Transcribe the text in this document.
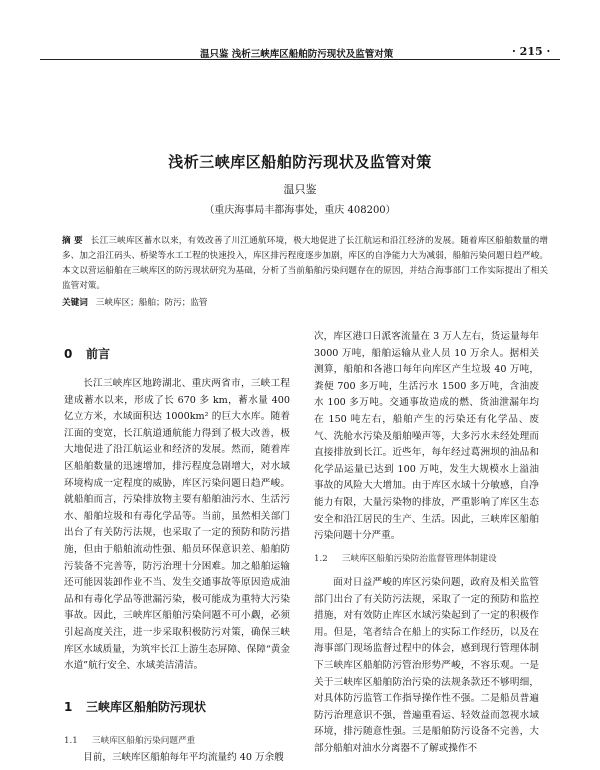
温只鉴 浅析三峡库区船舶防污现状及监管对策	· 215 ·
浅析三峡库区船舶防污现状及监管对策
温只鉴
（重庆海事局丰都海事处，重庆 408200）
摘 要 长江三峡库区蓄水以来，有效改善了川江通航环境，极大地促进了长江航运和沿江经济的发展。随着库区船舶数量的增多、加之沿江码头、桥梁等水工工程的快速投入，库区排污程度逐步加剧，库区的自净能力大为减弱，船舶污染问题日趋严峻。本文以营运船舶在三峡库区的防污现状研究为基础，分析了当前船舶污染问题存在的原因，并结合海事部门工作实际提出了相关监管对策。
关键词 三峡库区；船舶；防污；监管
0 前言

长江三峡库区地跨湖北、重庆两省市，三峡工程建成蓄水以来，形成了长 670 多 km，蓄水量 400 亿立方米，水域面积达 1000km² 的巨大水库。随着江面的变宽，长江航道通航能力得到了极大改善，极大地促进了沿江航运业和经济的发展。然而，随着库区船舶数量的迅速增加，排污程度急剧增大，对水域环境构成一定程度的威胁，库区污染问题日趋严峻。就船舶而言，污染排放物主要有船舶油污水、生活污水、船舶垃圾和有毒化学品等。当前，虽然相关部门出台了有关防污法规，也采取了一定的预防和防污措施，但由于船舶流动性强、船员环保意识差、船舶防污装备不完善等，防污治理十分困难。加之船舶运输还可能因装卸作业不当、发生交通事故等原因造成油品和有毒化学品等泄漏污染，极可能成为重特大污染事故。因此，三峡库区船舶污染问题不可小觑，必须引起高度关注，进一步采取积极防污对策，确保三峡库区水域质量，为筑牢长江上游生态屏障、保障“黄金水道”航行安全、水域美洁清洁。

1 三峡库区船舶防污现状
1.1 三峡库区船舶污染问题严重

目前，三峡库区船舶每年平均流量约 40 万余艘

次，库区港口日派客流量在 3 万人左右，货运量每年 3000 万吨，船舶运输从业人员 10 万余人。据相关测算，船舶和各港口每年向库区产生垃圾 40 万吨，粪便 700 多万吨，生活污水 1500 多万吨，含油废水 100 多万吨。交通事故造成的燃、货油泄漏年均在 150 吨左右，船舶产生的污染还有化学品、废气、洗舱水污染及船舶噪声等，大多污水未经处理而直接排放到长江。近些年，每年经过葛洲坝的油品和化学品运量已达到 100 万吨，发生大规模水上溢油事故的风险大大增加。由于库区水域十分敏感，自净能力有限，大量污染物的排放，严重影响了库区生态安全和沿江居民的生产、生活。因此，三峡库区船舶污染问题十分严重。

1.2 三峡库区船舶污染防治监督管理体制建设

面对日益严峻的库区污染问题，政府及相关监管部门出台了有关防污法规，采取了一定的预防和监控措施，对有效防止库区水域污染起到了一定的积极作用。但是，笔者结合在船上的实际工作经历，以及在海事部门现场监督过程中的体会，感到现行管理体制下三峡库区船舶防污管治形势严峻，不容乐观。一是关于三峡库区船舶防治污染的法规条款还不够明细，对具体防污监管工作指导操作性不强。二是船员普遍防污治理意识不强，普遍重看运、轻效益而忽视水域环境，排污随意性强。三是船舶防污设备不完善，大部分船舶对油水分离器不了解或操作不
